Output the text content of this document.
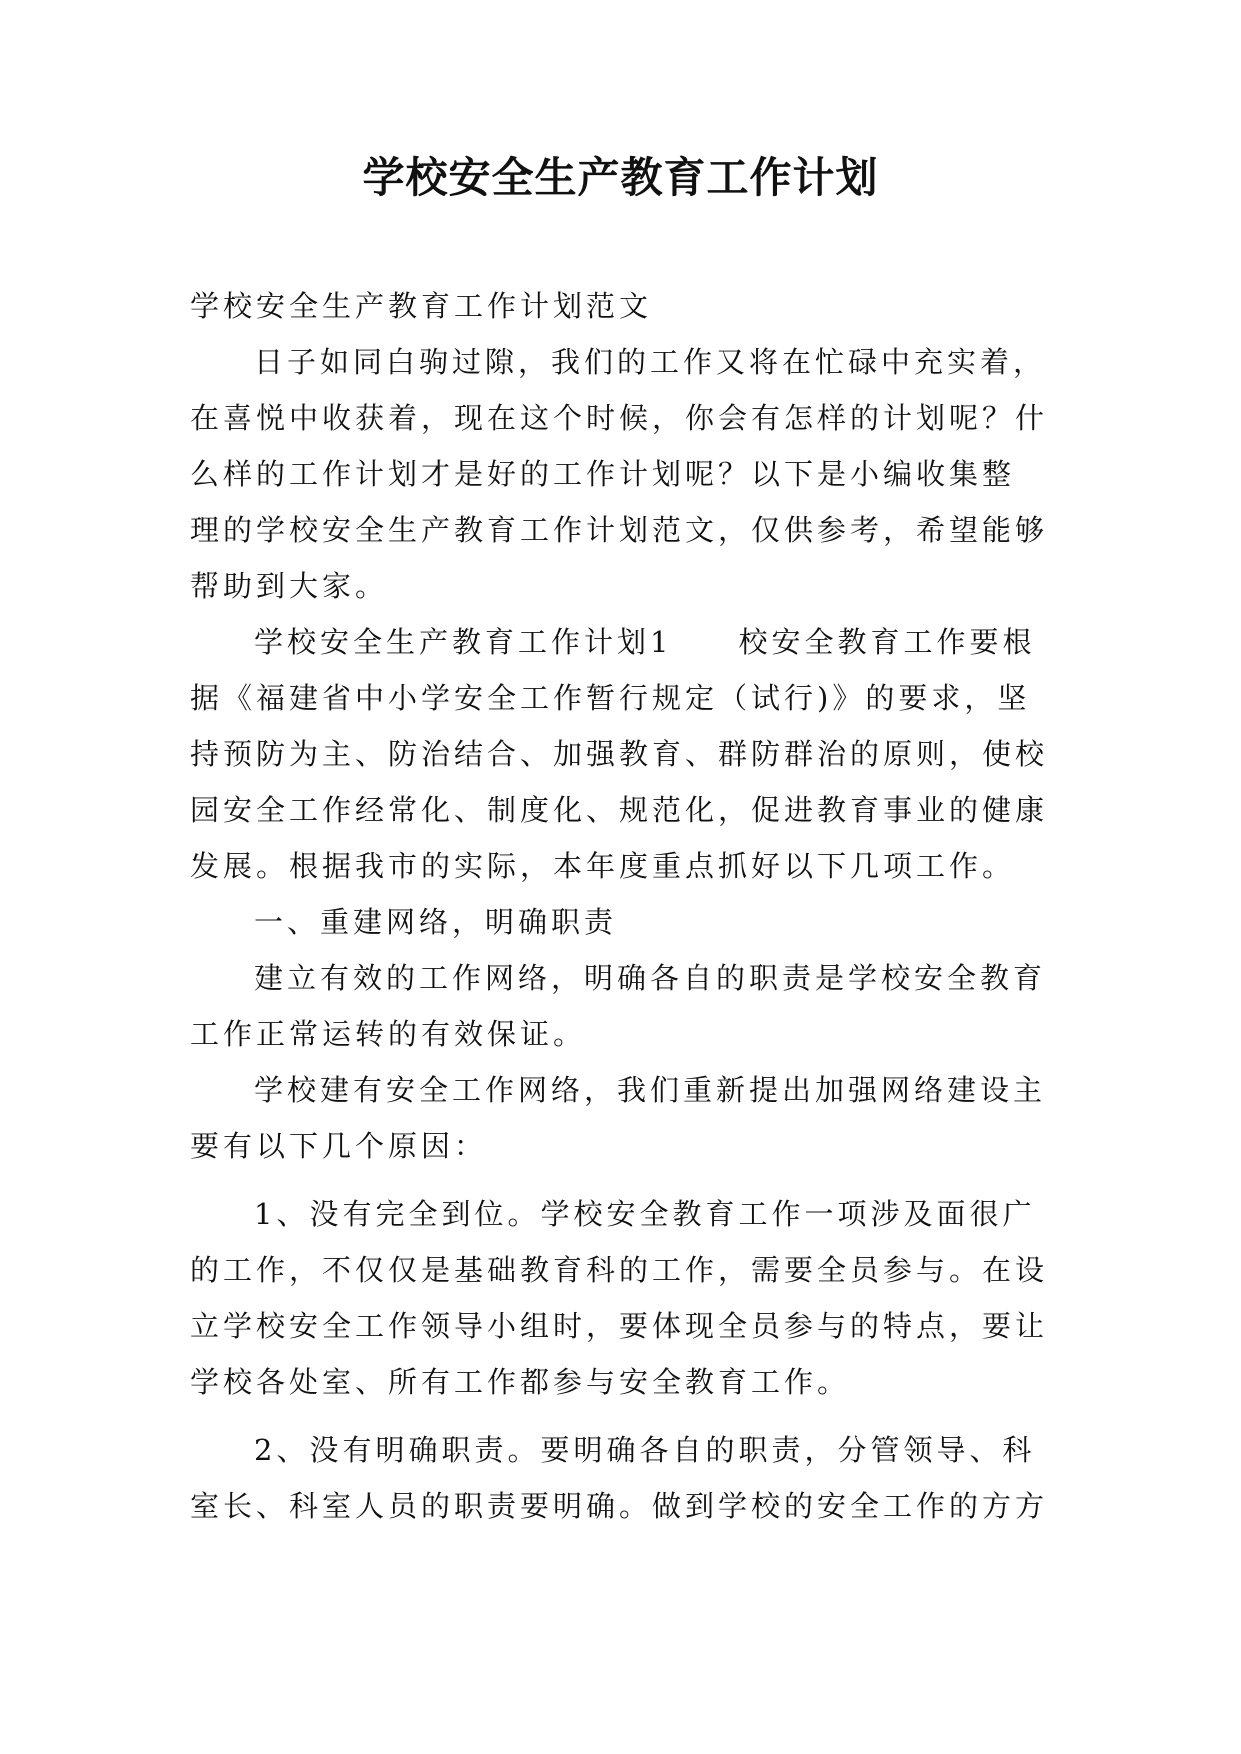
学校安全生产教育工作计划
学校安全生产教育工作计划范文
日子如同白驹过隙，我们的工作又将在忙碌中充实着，
在喜悦中收获着，现在这个时候，你会有怎样的计划呢？什
么样的工作计划才是好的工作计划呢？以下是小编收集整
理的学校安全生产教育工作计划范文，仅供参考，希望能够
帮助到大家。
学校安全生产教育工作计划1　　校安全教育工作要根
据《福建省中小学安全工作暂行规定（试行)》的要求，坚
持预防为主、防治结合、加强教育、群防群治的原则，使校
园安全工作经常化、制度化、规范化，促进教育事业的健康
发展。根据我市的实际，本年度重点抓好以下几项工作。
一、重建网络，明确职责
建立有效的工作网络，明确各自的职责是学校安全教育
工作正常运转的有效保证。
学校建有安全工作网络，我们重新提出加强网络建设主
要有以下几个原因：
1、没有完全到位。学校安全教育工作一项涉及面很广
的工作，不仅仅是基础教育科的工作，需要全员参与。在设
立学校安全工作领导小组时，要体现全员参与的特点，要让
学校各处室、所有工作都参与安全教育工作。
2、没有明确职责。要明确各自的职责，分管领导、科
室长、科室人员的职责要明确。做到学校的安全工作的方方
